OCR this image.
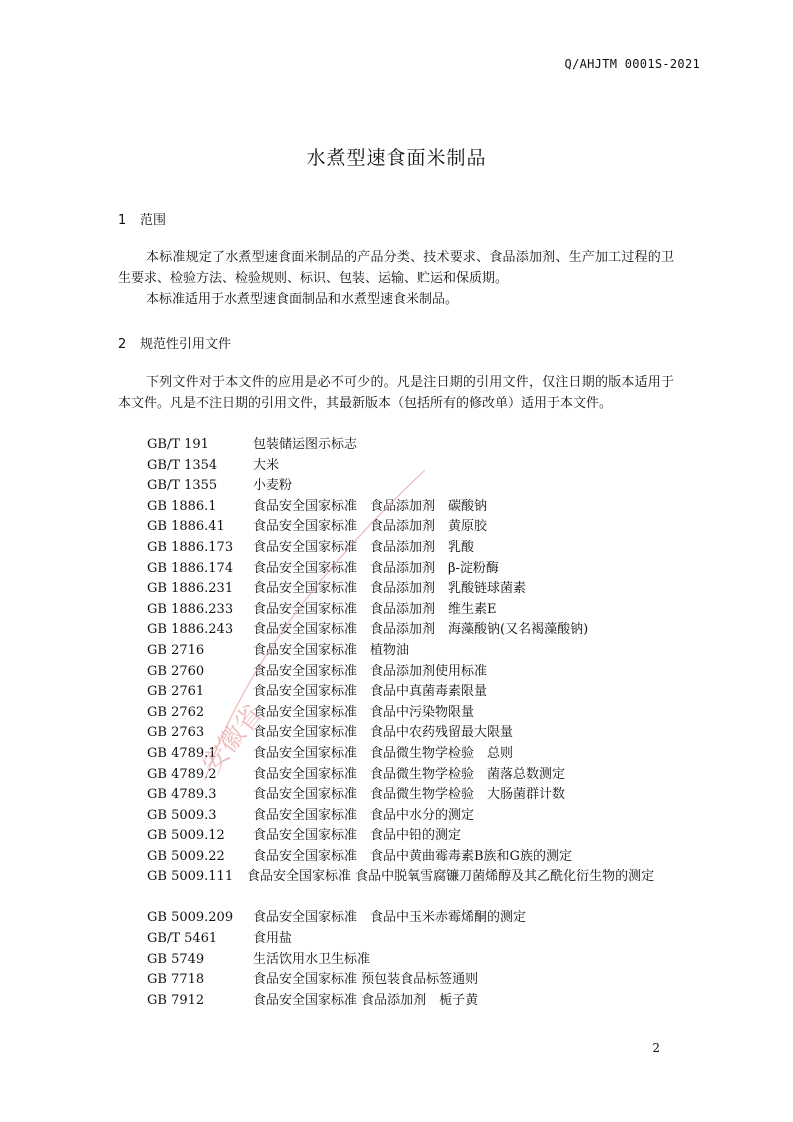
Q/AHJTM 0001S-2021
水煮型速食面米制品
1 范围

本标准规定了水煮型速食面米制品的产品分类、技术要求、食品添加剂、生产加工过程的卫生要求、检验方法、检验规则、标识、包装、运输、贮运和保质期。

本标准适用于水煮型速食面制品和水煮型速食米制品。

2 规范性引用文件

下列文件对于本文件的应用是必不可少的。凡是注日期的引用文件，仅注日期的版本适用于本文件。凡是不注日期的引用文件，其最新版本（包括所有的修改单）适用于本文件。

GB/T 191	包装储运图示标志
GB/T 1354	大米
GB/T 1355	小麦粉
GB 1886.1	食品安全国家标准　食品添加剂　碳酸钠
GB 1886.41 食品安全国家标准　食品添加剂　黄原胶
GB 1886.173 食品安全国家标准　食品添加剂　乳酸
GB 1886.174 食品安全国家标准　食品添加剂　β-淀粉酶
GB 1886.231 食品安全国家标准　食品添加剂　乳酸链球菌素
GB 1886.233 食品安全国家标准　食品添加剂　维生素E
GB 1886.243 食品安全国家标准　食品添加剂　海藻酸钠(又名褐藻酸钠)
GB 2716	食品安全国家标准　植物油
GB 2760	食品安全国家标准　食品添加剂使用标准
GB 2761	食品安全国家标准　食品中真菌毒素限量
GB 2762	食品安全国家标准　食品中污染物限量
GB 2763	食品安全国家标准　食品中农药残留最大限量
GB 4789.1	食品安全国家标准　食品微生物学检验　总则
GB 4789.2	食品安全国家标准　食品微生物学检验　菌落总数测定
GB 4789.3	食品安全国家标准　食品微生物学检验　大肠菌群计数
GB 5009.3	食品安全国家标准　食品中水分的测定
GB 5009.12 食品安全国家标准　食品中铅的测定
GB 5009.22 食品安全国家标准　食品中黄曲霉毒素B族和G族的测定
GB 5009.111	食品安全国家标准 食品中脱氧雪腐镰刀菌烯醇及其乙酰化衍生物的测定
GB 5009.209 食品安全国家标准　食品中玉米赤霉烯酮的测定
GB/T 5461	食用盐
GB 5749	生活饮用水卫生标准
GB 7718	食品安全国家标准 预包装食品标签通则
GB 7912	食品安全国家标准 食品添加剂　栀子黄
安徽省
2
